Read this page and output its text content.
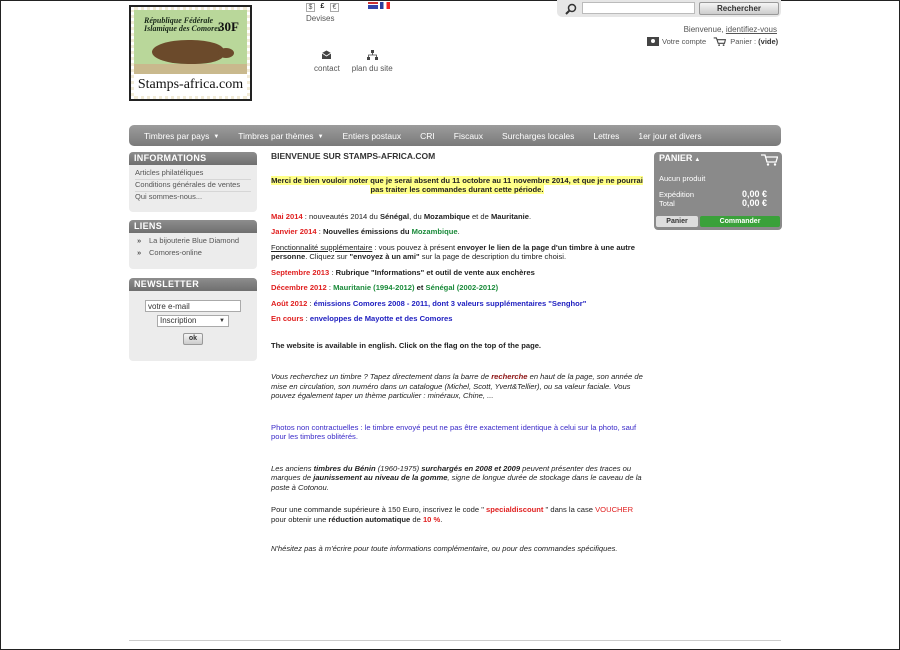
République Fédérale Islamique des Comores
30F
Stamps-africa.com
$	£	€
Devises
contact plan du site
Rechercher
Bienvenue, identifiez-vous
Votre compte	Panier : (vide)
Timbres par pays ▼ Timbres par thèmes ▼ Entiers postaux CRI Fiscaux Surcharges locales Lettres 1er jour et divers
INFORMATIONS
Articles philatéliques
Conditions générales de ventes
Qui sommes-nous...
LIENS
» La bijouterie Blue Diamond
» Comores-online
NEWSLETTER
votre e-mail
Inscription	▼
ok
BIENVENUE SUR STAMPS-AFRICA.COM
Merci de bien vouloir noter que je serai absent du 11 octobre au 11 novembre 2014, et que je ne pourrai pas traiter les commandes durant cette période.
Mai 2014 : nouveautés 2014 du Sénégal, du Mozambique et de Mauritanie.
Janvier 2014 : Nouvelles émissions du Mozambique.
Fonctionnalité supplémentaire : vous pouvez à présent envoyer le lien de la page d'un timbre à une autre personne. Cliquez sur "envoyez à un ami" sur la page de description du timbre choisi.
Septembre 2013 : Rubrique "Informations" et outil de vente aux enchères
Décembre 2012 : Mauritanie (1994-2012) et Sénégal (2002-2012)
Août 2012 : émissions Comores 2008 - 2011, dont 3 valeurs supplémentaires "Senghor"
En cours : enveloppes de Mayotte et des Comores
The website is available in english. Click on the flag on the top of the page.
Vous recherchez un timbre ? Tapez directement dans la barre de recherche en haut de la page, son année de mise en circulation, son numéro dans un catalogue (Michel, Scott, Yvert&Tellier), ou sa valeur faciale. Vous pouvez également taper un thème particulier : minéraux, Chine, ...
Photos non contractuelles : le timbre envoyé peut ne pas être exactement identique à celui sur la photo, sauf pour les timbres oblitérés.
Les anciens timbres du Bénin (1960-1975) surchargés en 2008 et 2009 peuvent présenter des traces ou marques de jaunissement au niveau de la gomme, signe de longue durée de stockage dans le caveau de la poste à Cotonou.
Pour une commande supérieure à 150 Euro, inscrivez le code " specialdiscount " dans la case VOUCHER pour obtenir une réduction automatique de 10 %.
N'hésitez pas à m'écrire pour toute informations complémentaire, ou pour des commandes spécifiques.
PANIER ▲
Aucun produit
Expédition	0,00 €
Total	0,00 €
Panier	Commander
